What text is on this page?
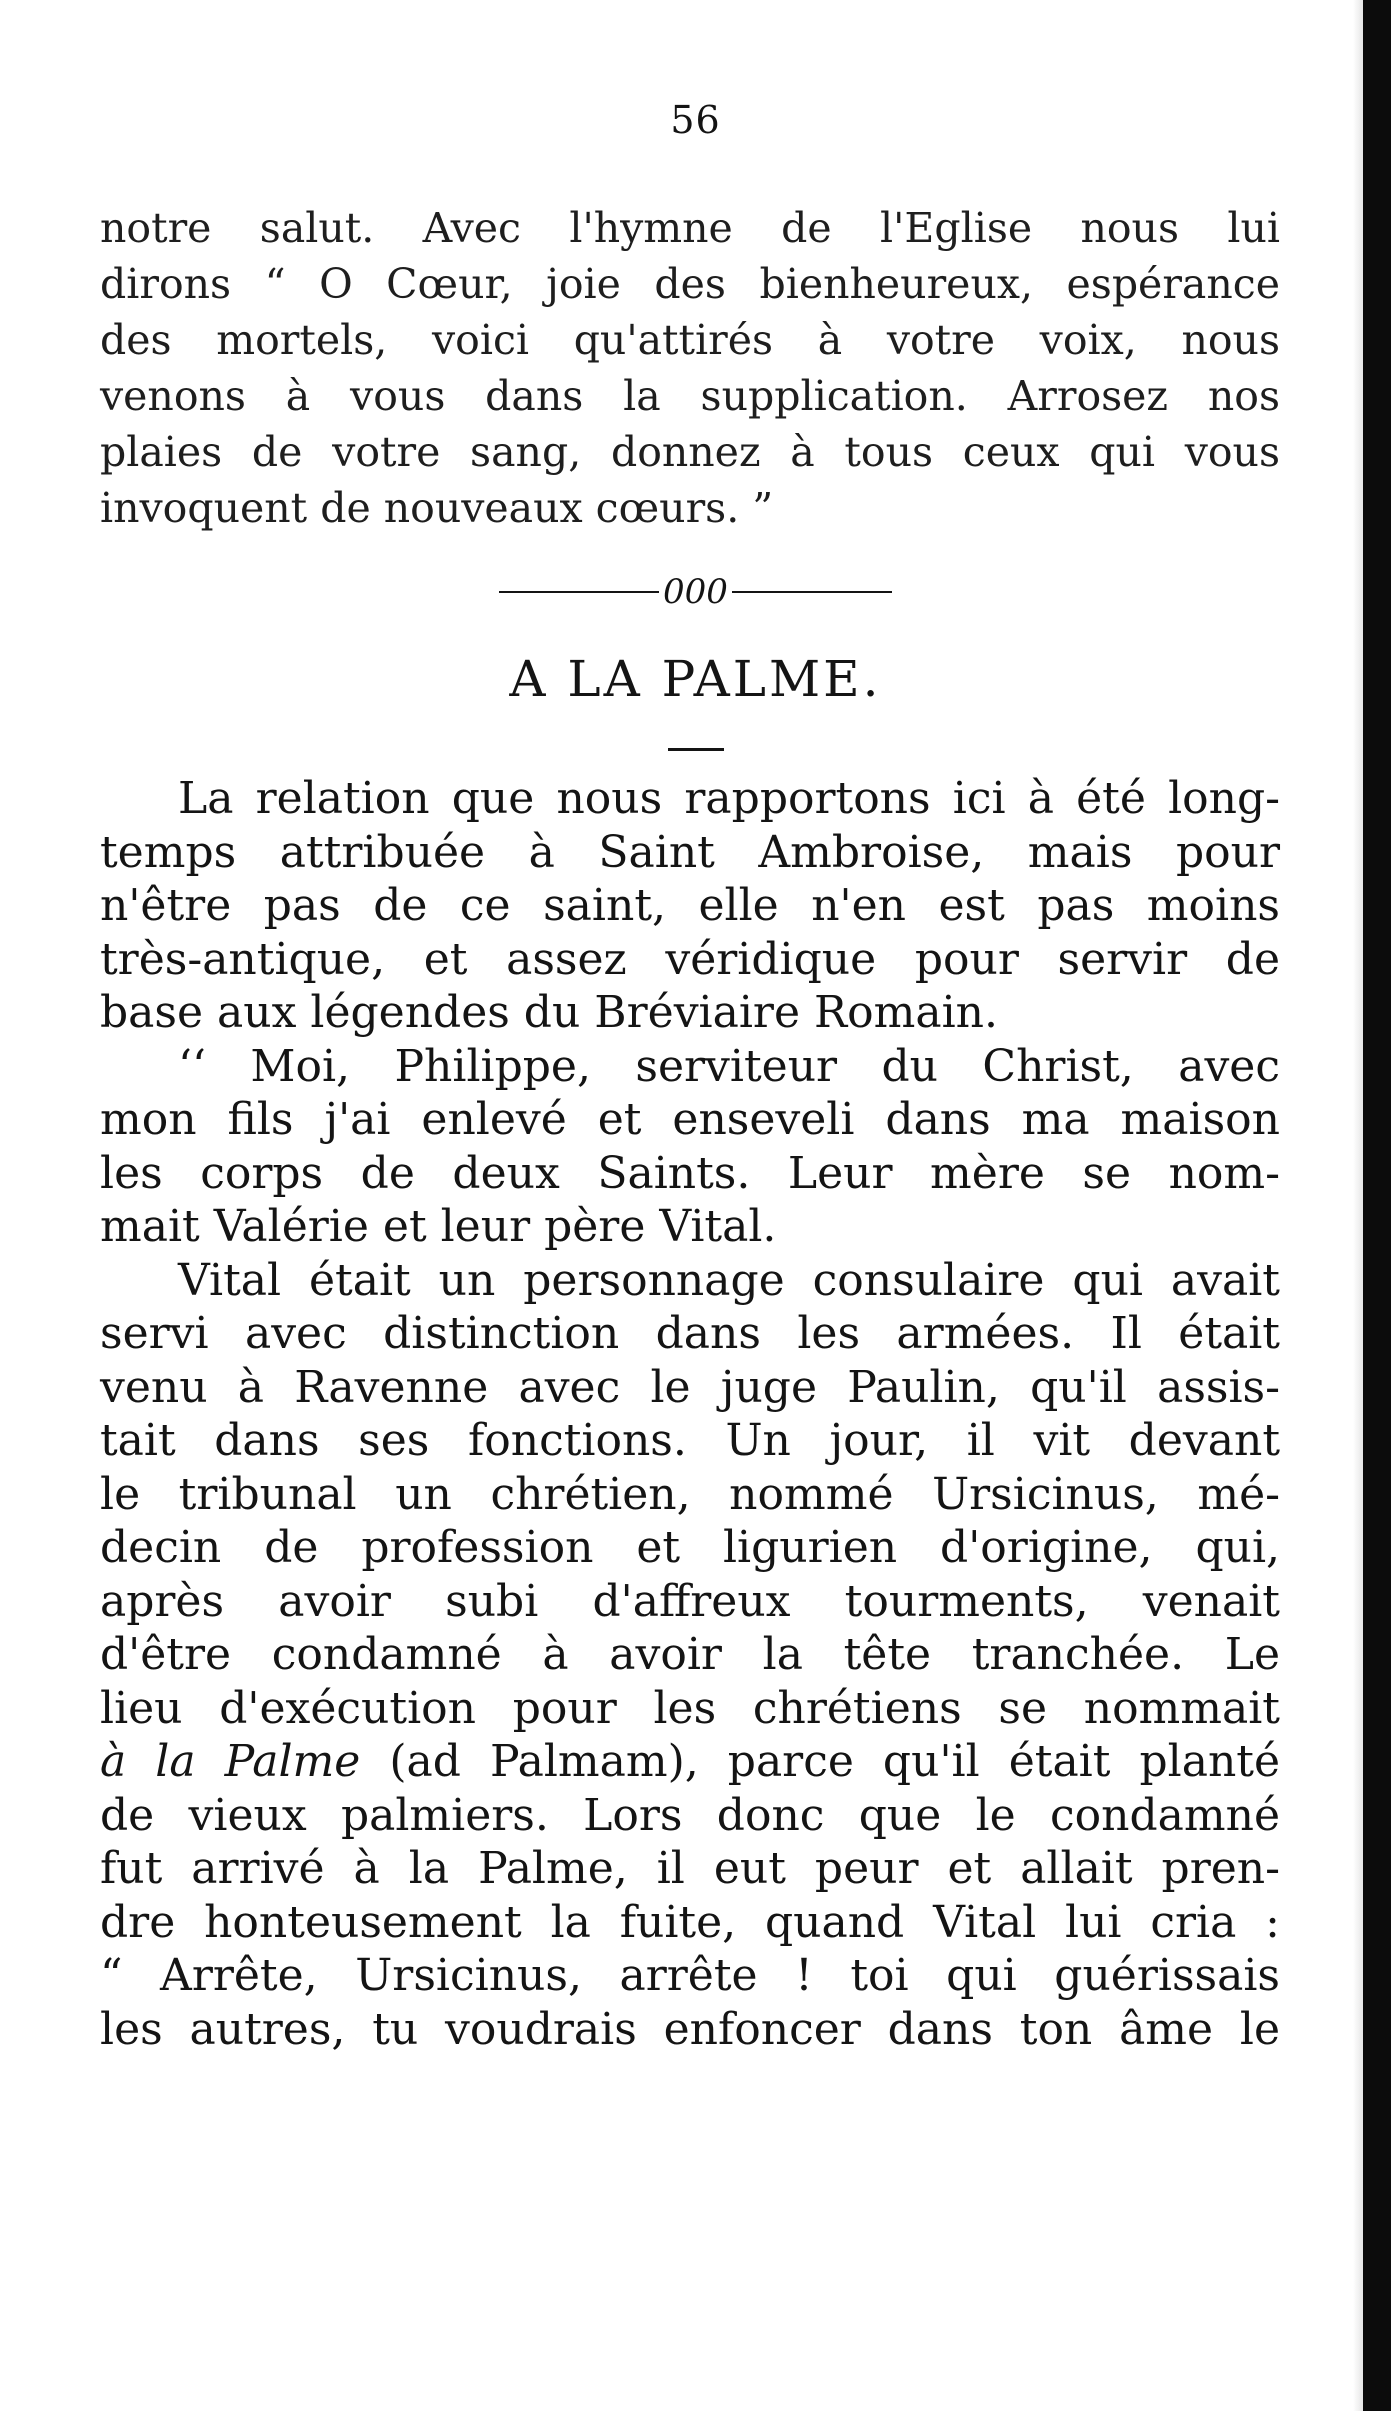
56
notre salut. Avec l'hymne de l'Eglise nous lui
dirons “ O Cœur, joie des bienheureux, espérance
des mortels, voici qu'attirés à votre voix, nous
venons à vous dans la supplication. Arrosez nos
plaies de votre sang, donnez à tous ceux qui vous
invoquent de nouveaux cœurs. ”
000
A LA PALME.
La relation que nous rapportons ici à été long-
temps attribuée à Saint Ambroise, mais pour
n'être pas de ce saint, elle n'en est pas moins
très-antique, et assez véridique pour servir de
base aux légendes du Bréviaire Romain.
‘‘ Moi, Philippe, serviteur du Christ, avec
mon fils j'ai enlevé et enseveli dans ma maison
les corps de deux Saints. Leur mère se nom-
mait Valérie et leur père Vital.
Vital était un personnage consulaire qui avait
servi avec distinction dans les armées. Il était
venu à Ravenne avec le juge Paulin, qu'il assis-
tait dans ses fonctions. Un jour, il vit devant
le tribunal un chrétien, nommé Ursicinus, mé-
decin de profession et ligurien d'origine, qui,
après avoir subi d'affreux tourments, venait
d'être condamné à avoir la tête tranchée. Le
lieu d'exécution pour les chrétiens se nommait
à la Palme (ad Palmam), parce qu'il était planté
de vieux palmiers. Lors donc que le condamné
fut arrivé à la Palme, il eut peur et allait pren-
dre honteusement la fuite, quand Vital lui cria :
“ Arrête, Ursicinus, arrête ! toi qui guérissais
les autres, tu voudrais enfoncer dans ton âme le
